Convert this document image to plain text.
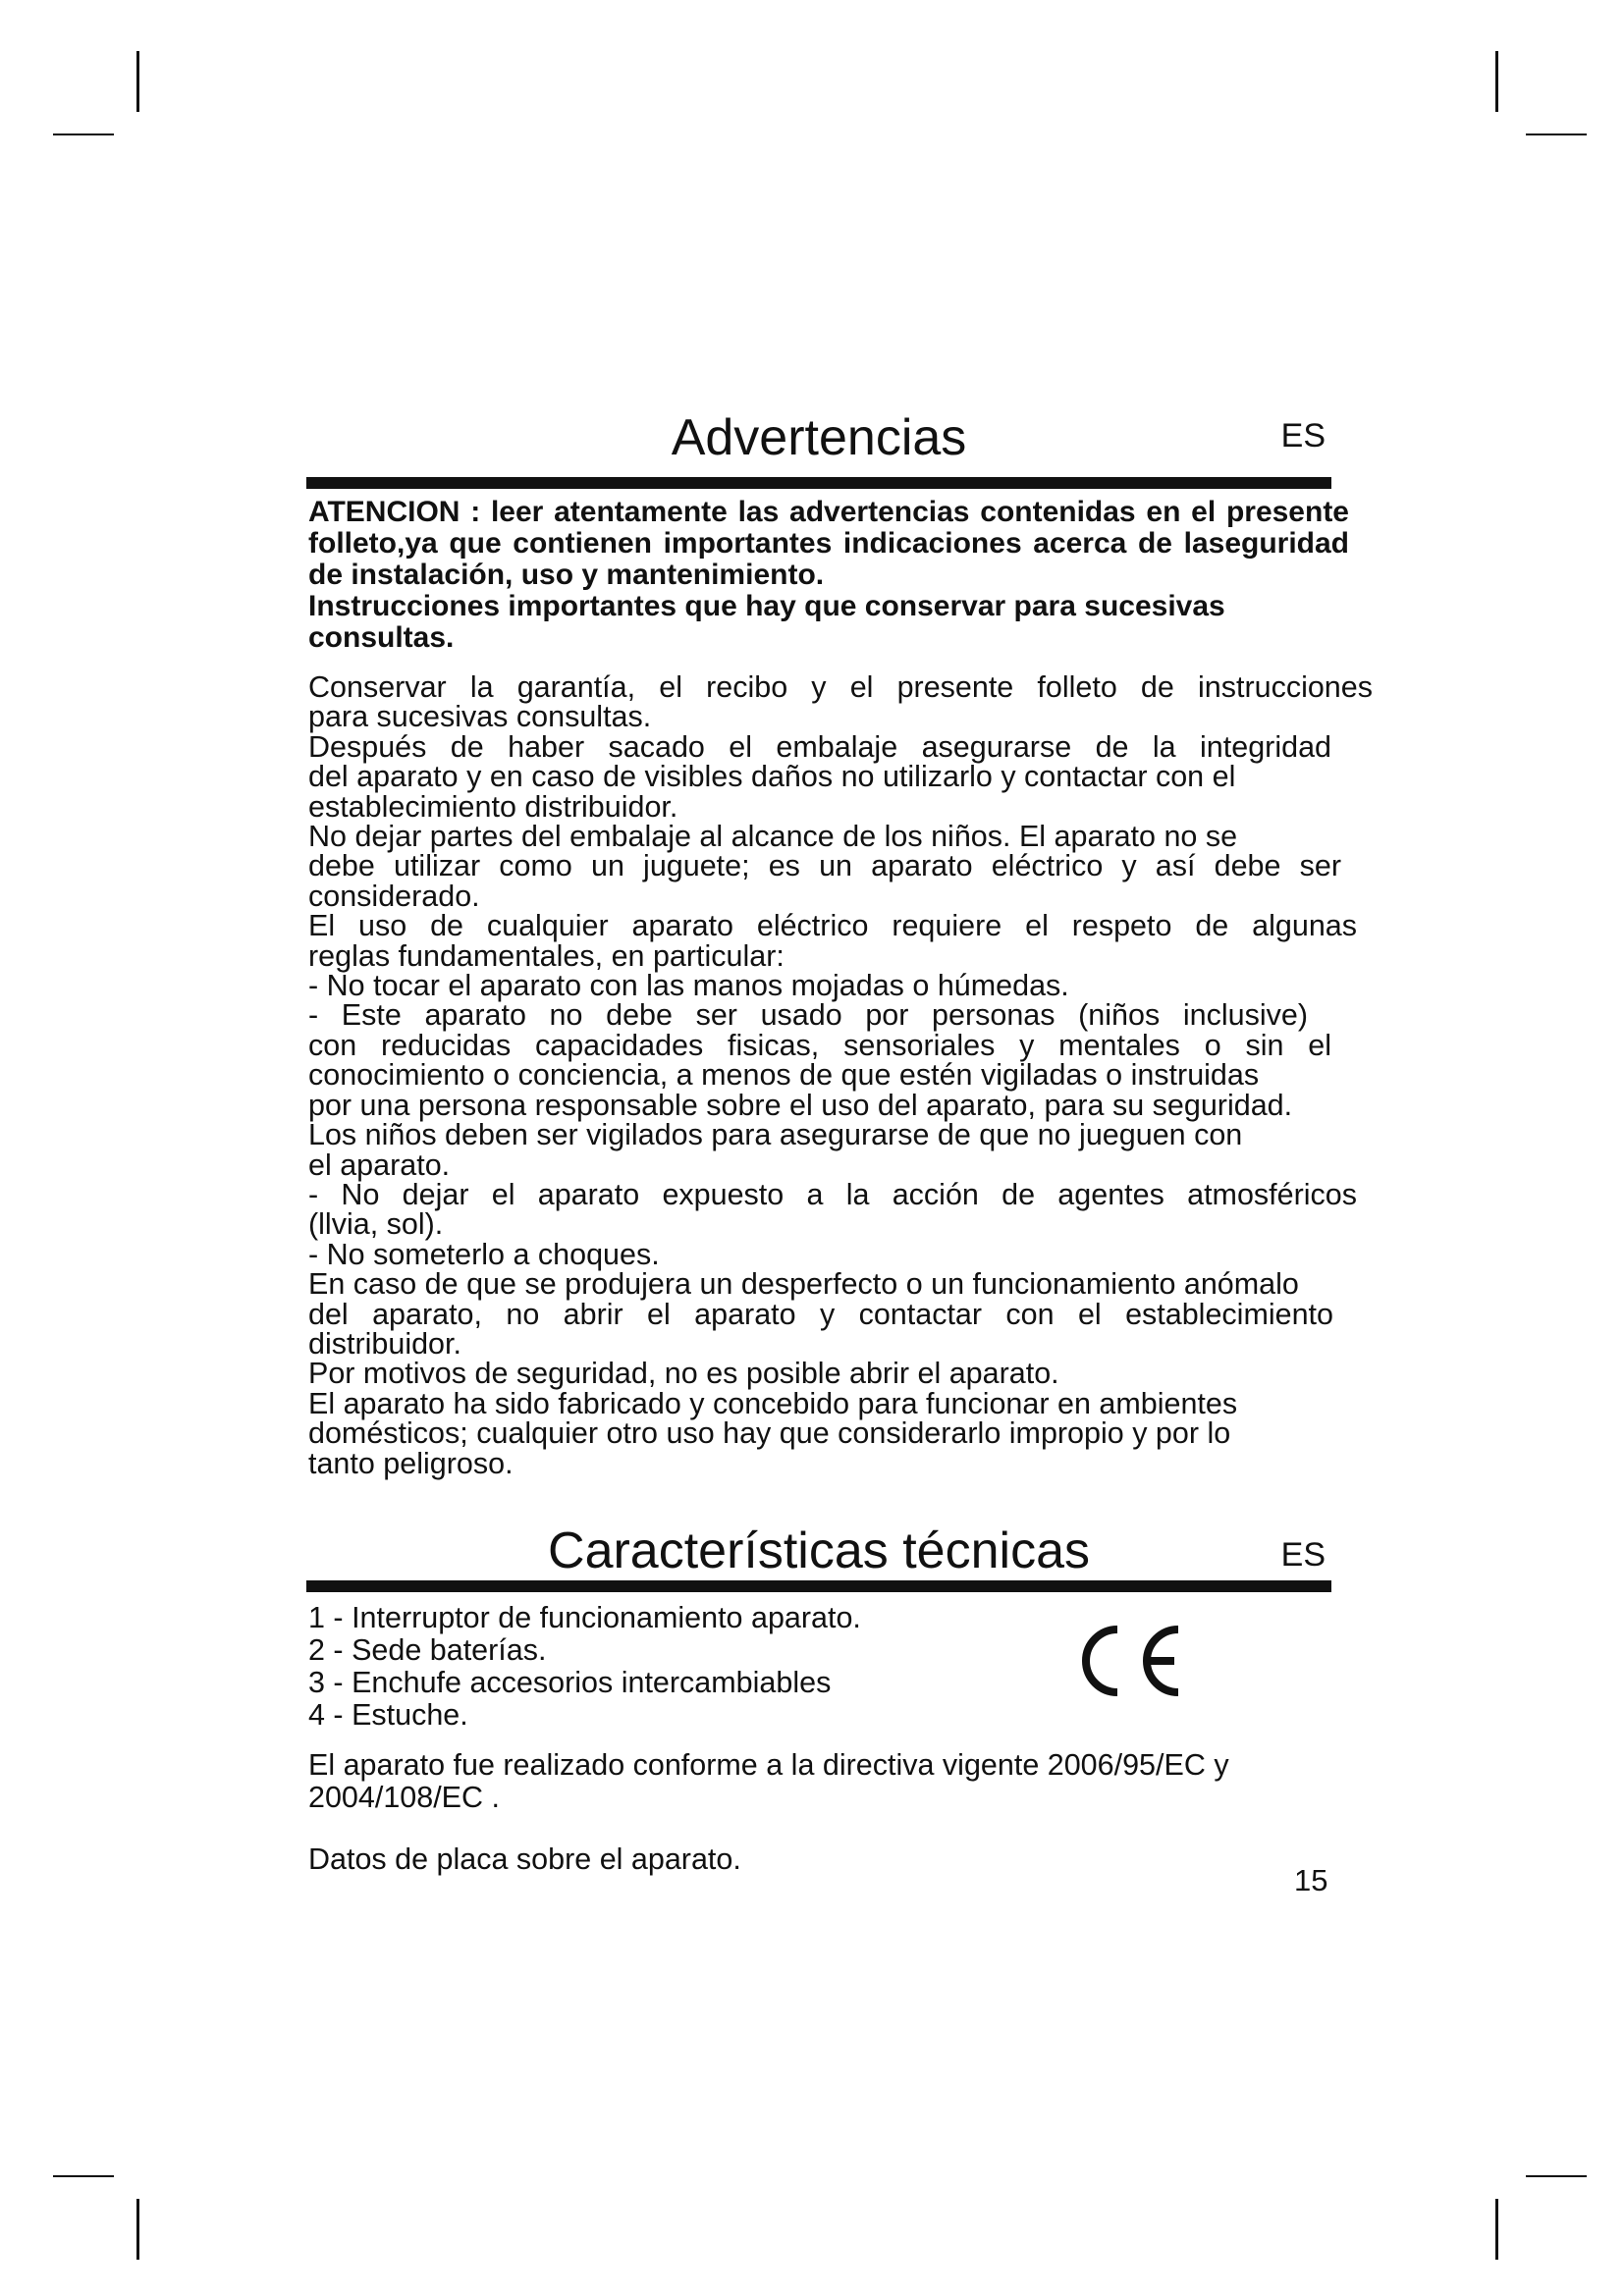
Advertencias	ES

ATENCION : leer atentamente las advertencias contenidas en el presente folleto,ya que contienen importantes indicaciones acerca de laseguridad de instalación, uso y mantenimiento.

Instrucciones importantes que hay que conservar para sucesivas consultas.

Conservar la garantía, el recibo y el presente folleto de instrucciones
para sucesivas consultas.
Después de haber sacado el embalaje asegurarse de la integridad
del aparato y en caso de visibles daños no utilizarlo y contactar con el
establecimiento distribuidor.
No dejar partes del embalaje al alcance de los niños. El aparato no se
debe utilizar como un juguete; es un aparato eléctrico y así debe ser
considerado.
El uso de cualquier aparato eléctrico requiere el respeto de algunas
reglas fundamentales, en particular:
- No tocar el aparato con las manos mojadas o húmedas.
- Este aparato no debe ser usado por personas (niños inclusive)
con reducidas capacidades fisicas, sensoriales y mentales o sin el
conocimiento o conciencia, a menos de que estén vigiladas o instruidas
por una persona responsable sobre el uso del aparato, para su seguridad.
Los niños deben ser vigilados para asegurarse de que no jueguen con
el aparato.
- No dejar el aparato expuesto a la acción de agentes atmosféricos
(llvia, sol).
- No someterlo a choques.
En caso de que se produjera un desperfecto o un funcionamiento anómalo
del aparato, no abrir el aparato y contactar con el establecimiento
distribuidor.
Por motivos de seguridad, no es posible abrir el aparato.
El aparato ha sido fabricado y concebido para funcionar en ambientes
domésticos; cualquier otro uso hay que considerarlo impropio y por lo
tanto peligroso.
Características técnicas	ES
1 - Interruptor de funcionamiento aparato.
2 - Sede baterías.
3 - Enchufe accesorios intercambiables
4 - Estuche.
El aparato fue realizado conforme a la directiva vigente 2006/95/EC y 2004/108/EC .
Datos de placa sobre el aparato.
15
